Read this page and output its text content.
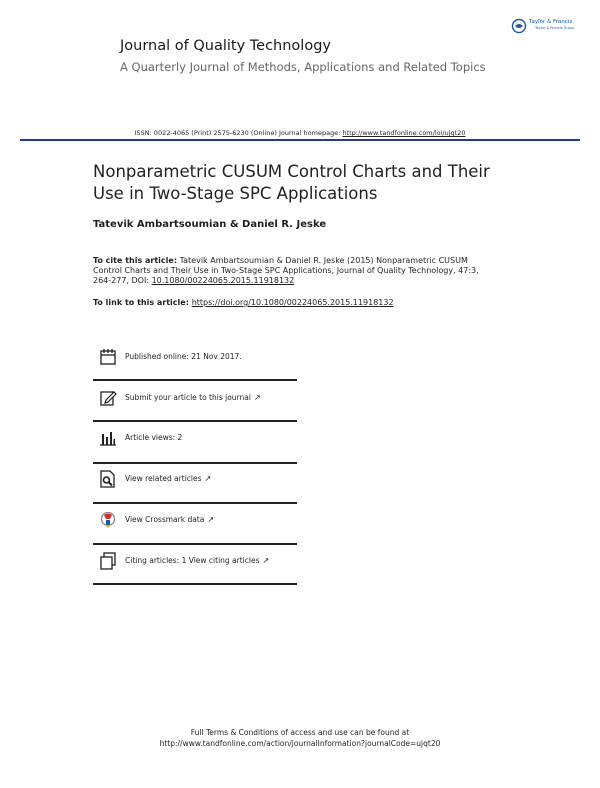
Journal of Quality Technology
A Quarterly Journal of Methods, Applications and Related Topics
Taylor & Francis
Taylor & Francis Group
ISSN: 0022-4065 (Print) 2575-6230 (Online) Journal homepage: http://www.tandfonline.com/loi/ujqt20
Nonparametric CUSUM Control Charts and Their
Use in Two-Stage SPC Applications
Tatevik Ambartsoumian & Daniel R. Jeske
To cite this article: Tatevik Ambartsoumian & Daniel R. Jeske (2015) Nonparametric CUSUM
Control Charts and Their Use in Two-Stage SPC Applications, Journal of Quality Technology, 47:3,
264-277, DOI: 10.1080/00224065.2015.11918132
To link to this article: https://doi.org/10.1080/00224065.2015.11918132
Published online: 21 Nov 2017.
Submit your article to this journal ↗
Article views: 2
View related articles ↗
View Crossmark data ↗
Citing articles: 1 View citing articles ↗
Full Terms & Conditions of access and use can be found at
http://www.tandfonline.com/action/journalInformation?journalCode=ujqt20
